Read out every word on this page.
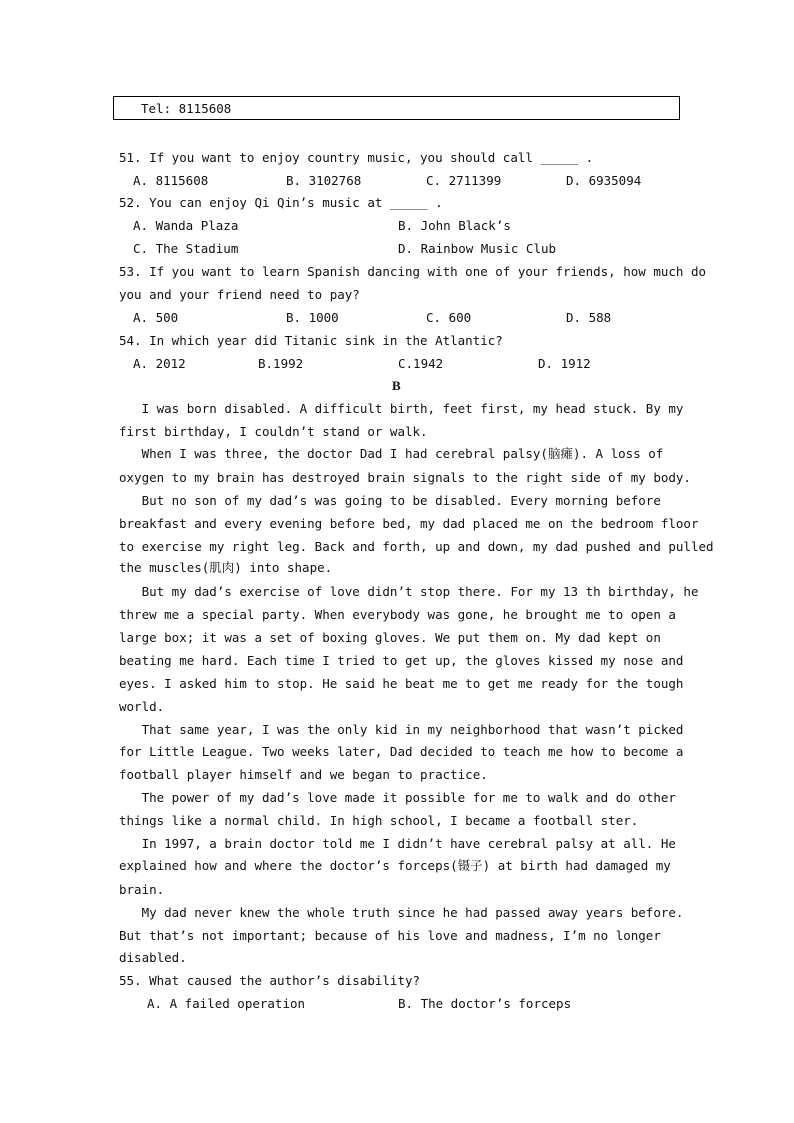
Tel: 8115608

51. If you want to enjoy country music, you should call _____ .

A. 8115608	B. 3102768	C. 2711399	D. 6935094

52. You can enjoy Qi Qin’s music at _____ .

A. Wanda Plaza	B. John Black’s

C. The Stadium	D. Rainbow Music Club

53. If you want to learn Spanish dancing with one of your friends, how much do

you and your friend need to pay?

A. 500	B. 1000	C. 600	D. 588

54. In which year did Titanic sink in the Atlantic?

A. 2012	B.1992	C.1942	D. 1912

B

I was born disabled. A difficult birth, feet first, my head stuck. By my

first birthday, I couldn’t stand or walk.

When I was three, the doctor Dad I had cerebral palsy(脑瘫). A loss of

oxygen to my brain has destroyed brain signals to the right side of my body.

But no son of my dad’s was going to be disabled. Every morning before

breakfast and every evening before bed, my dad placed me on the bedroom floor

to exercise my right leg. Back and forth, up and down, my dad pushed and pulled

the muscles(肌肉) into shape.

But my dad’s exercise of love didn’t stop there. For my 13 th birthday, he

threw me a special party. When everybody was gone, he brought me to open a

large box; it was a set of boxing gloves. We put them on. My dad kept on

beating me hard. Each time I tried to get up, the gloves kissed my nose and

eyes. I asked him to stop. He said he beat me to get me ready for the tough

world.

That same year, I was the only kid in my neighborhood that wasn’t picked

for Little League. Two weeks later, Dad decided to teach me how to become a

football player himself and we began to practice.

The power of my dad’s love made it possible for me to walk and do other

things like a normal child. In high school, I became a football ster.

In 1997, a brain doctor told me I didn’t have cerebral palsy at all. He

explained how and where the doctor’s forceps(镊子) at birth had damaged my

brain.

My dad never knew the whole truth since he had passed away years before.

But that’s not important; because of his love and madness, I’m no longer

disabled.

55. What caused the author’s disability?

A. A failed operation	B. The doctor’s forceps
